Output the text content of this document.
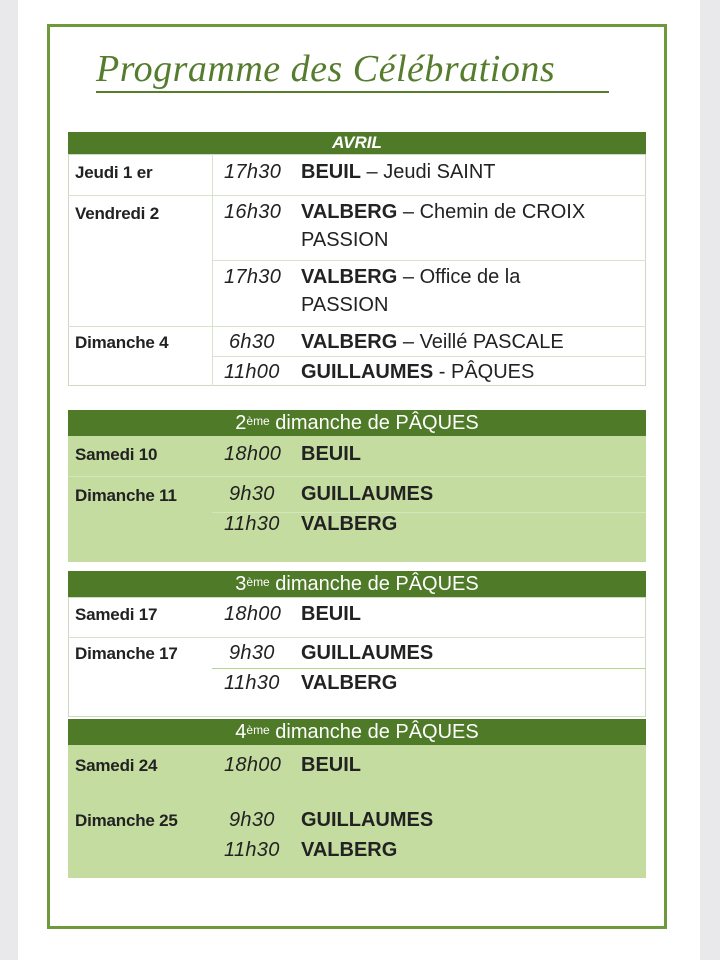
Programme des Célébrations
AVRIL
Jeudi 1 er	17h30 BEUIL – Jeudi SAINT
Vendredi 2	16h30 VALBERG – Chemin de CROIX
PASSION
17h30 VALBERG – Office de la
PASSION
Dimanche 4	6h30 VALBERG – Veillé PASCALE
11h00 GUILLAUMES - PÂQUES
2ème dimanche de PÂQUES
Samedi 10	18h00 BEUIL
Dimanche 11	9h30 GUILLAUMES
11h30 VALBERG
3ème dimanche de PÂQUES
Samedi 17	18h00 BEUIL
Dimanche 17	9h30 GUILLAUMES
11h30 VALBERG
4ème dimanche de PÂQUES
Samedi 24	18h00 BEUIL
Dimanche 25	9h30 GUILLAUMES
11h30 VALBERG
